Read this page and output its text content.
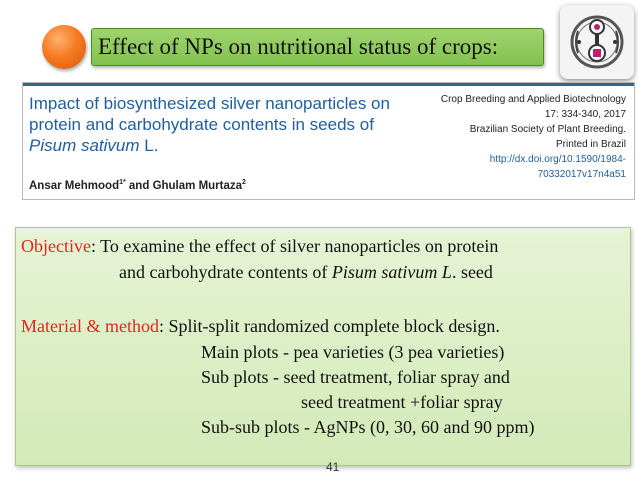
Effect of NPs on nutritional status of crops:
Impact of biosynthesized silver nanoparticles on
protein and carbohydrate contents in seeds of
Pisum sativum L.
Ansar Mehmood$^{1*}$ and Ghulam Murtaza$^2$
Crop Breeding and Applied Biotechnology
17: 334-340, 2017
Brazilian Society of Plant Breeding.
Printed in Brazil
http://dx.doi.org/10.1590/1984-
70332017v17n4a51
Objective: To examine the effect of silver nanoparticles on protein
and carbohydrate contents of Pisum sativum L. seed
Material & method: Split-split randomized complete block design.
Main plots - pea varieties (3 pea varieties)
Sub plots - seed treatment, foliar spray and
seed treatment +foliar spray
Sub-sub plots - AgNPs (0, 30, 60 and 90 ppm)
41
